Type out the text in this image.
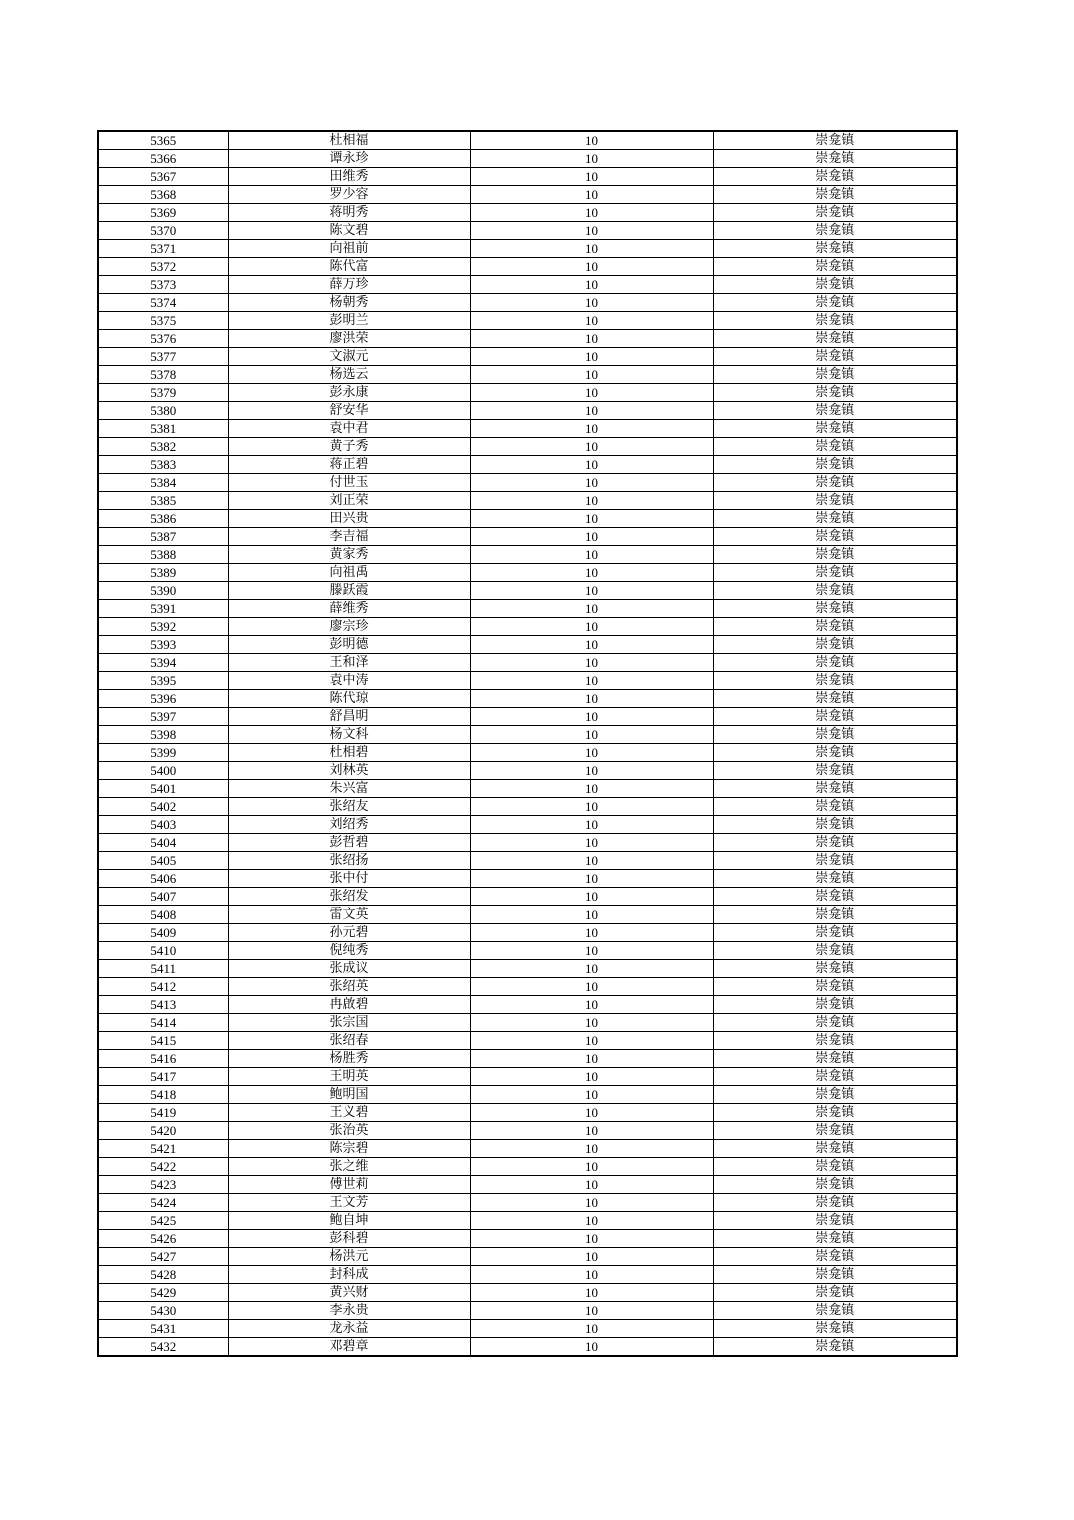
5365	杜相福	10	崇龛镇
5366	谭永珍	10	崇龛镇
5367	田维秀	10	崇龛镇
5368	罗少容	10	崇龛镇
5369	蒋明秀	10	崇龛镇
5370	陈文碧	10	崇龛镇
5371	向祖前	10	崇龛镇
5372	陈代富	10	崇龛镇
5373	薛万珍	10	崇龛镇
5374	杨朝秀	10	崇龛镇
5375	彭明兰	10	崇龛镇
5376	廖洪荣	10	崇龛镇
5377	文淑元	10	崇龛镇
5378	杨选云	10	崇龛镇
5379	彭永康	10	崇龛镇
5380	舒安华	10	崇龛镇
5381	袁中君	10	崇龛镇
5382	黄子秀	10	崇龛镇
5383	蒋正碧	10	崇龛镇
5384	付世玉	10	崇龛镇
5385	刘正荣	10	崇龛镇
5386	田兴贵	10	崇龛镇
5387	李吉福	10	崇龛镇
5388	黄家秀	10	崇龛镇
5389	向祖禹	10	崇龛镇
5390	滕跃霞	10	崇龛镇
5391	薛维秀	10	崇龛镇
5392	廖宗珍	10	崇龛镇
5393	彭明德	10	崇龛镇
5394	王和泽	10	崇龛镇
5395	袁中涛	10	崇龛镇
5396	陈代琼	10	崇龛镇
5397	舒昌明	10	崇龛镇
5398	杨文科	10	崇龛镇
5399	杜相碧	10	崇龛镇
5400	刘林英	10	崇龛镇
5401	朱兴富	10	崇龛镇
5402	张绍友	10	崇龛镇
5403	刘绍秀	10	崇龛镇
5404	彭哲碧	10	崇龛镇
5405	张绍扬	10	崇龛镇
5406	张中付	10	崇龛镇
5407	张绍发	10	崇龛镇
5408	雷文英	10	崇龛镇
5409	孙元碧	10	崇龛镇
5410	倪纯秀	10	崇龛镇
5411	张成议	10	崇龛镇
5412	张绍英	10	崇龛镇
5413	冉啟碧	10	崇龛镇
5414	张宗国	10	崇龛镇
5415	张绍春	10	崇龛镇
5416	杨胜秀	10	崇龛镇
5417	王明英	10	崇龛镇
5418	鲍明国	10	崇龛镇
5419	王义碧	10	崇龛镇
5420	张治英	10	崇龛镇
5421	陈宗碧	10	崇龛镇
5422	张之维	10	崇龛镇
5423	傅世莉	10	崇龛镇
5424	王文芳	10	崇龛镇
5425	鲍自坤	10	崇龛镇
5426	彭科碧	10	崇龛镇
5427	杨洪元	10	崇龛镇
5428	封科成	10	崇龛镇
5429	黄兴财	10	崇龛镇
5430	李永贵	10	崇龛镇
5431	龙永益	10	崇龛镇
5432	邓碧章	10	崇龛镇
